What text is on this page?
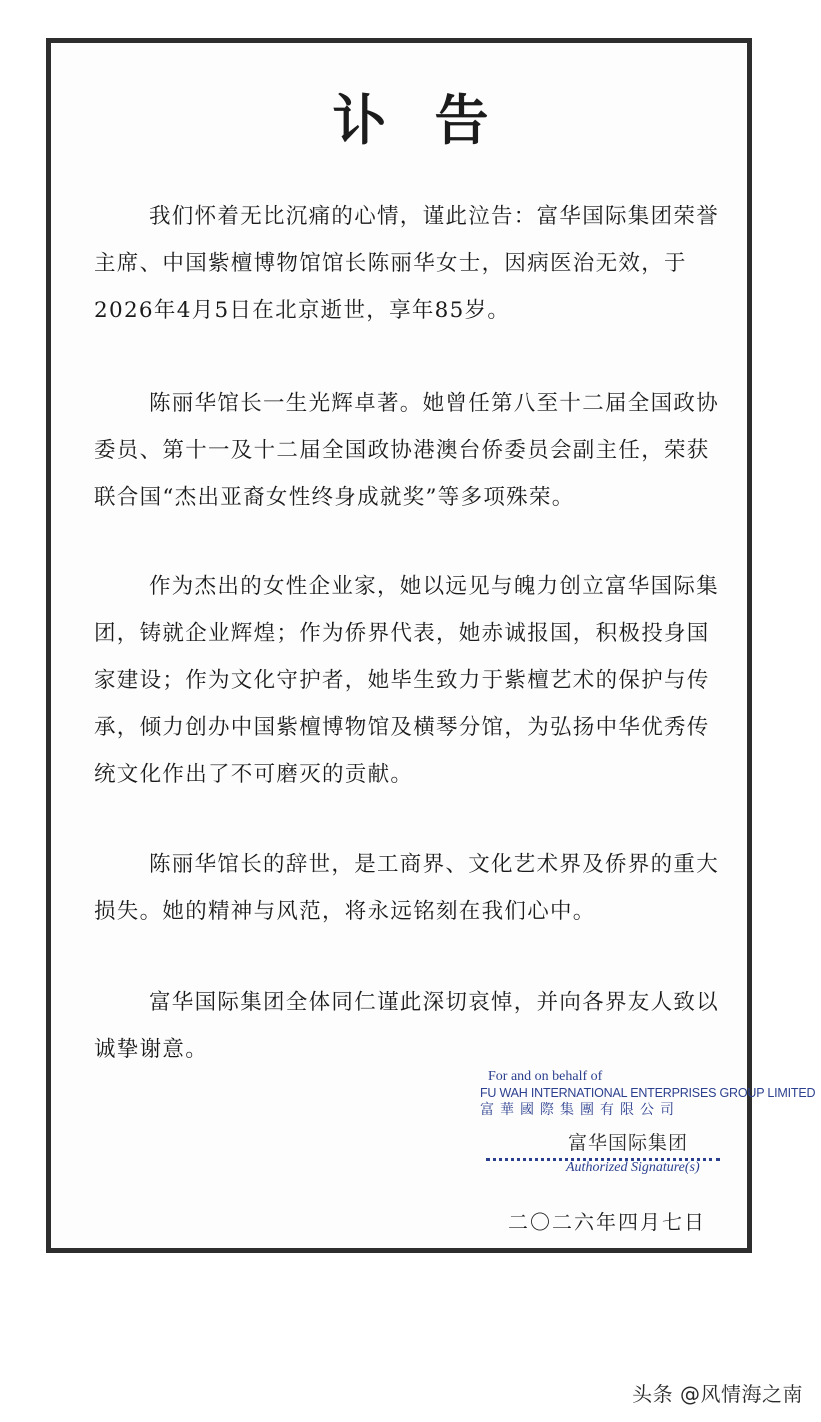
讣告

我们怀着无比沉痛的心情，谨此泣告：富华国际集团荣誉主席、中国紫檀博物馆馆长陈丽华女士，因病医治无效，于2026年4月5日在北京逝世，享年85岁。

陈丽华馆长一生光辉卓著。她曾任第八至十二届全国政协委员、第十一及十二届全国政协港澳台侨委员会副主任，荣获联合国“杰出亚裔女性终身成就奖”等多项殊荣。

作为杰出的女性企业家，她以远见与魄力创立富华国际集团，铸就企业辉煌；作为侨界代表，她赤诚报国，积极投身国家建设；作为文化守护者，她毕生致力于紫檀艺术的保护与传承，倾力创办中国紫檀博物馆及横琴分馆，为弘扬中华优秀传统文化作出了不可磨灭的贡献。

陈丽华馆长的辞世，是工商界、文化艺术界及侨界的重大损失。她的精神与风范，将永远铭刻在我们心中。

富华国际集团全体同仁谨此深切哀悼，并向各界友人致以诚挚谢意。

For and on behalf of
FU WAH INTERNATIONAL ENTERPRISES GROUP LIMITED
富華國際集團有限公司
富华国际集团
Authorized Signature(s)
二〇二六年四月七日
头条 @风情海之南
